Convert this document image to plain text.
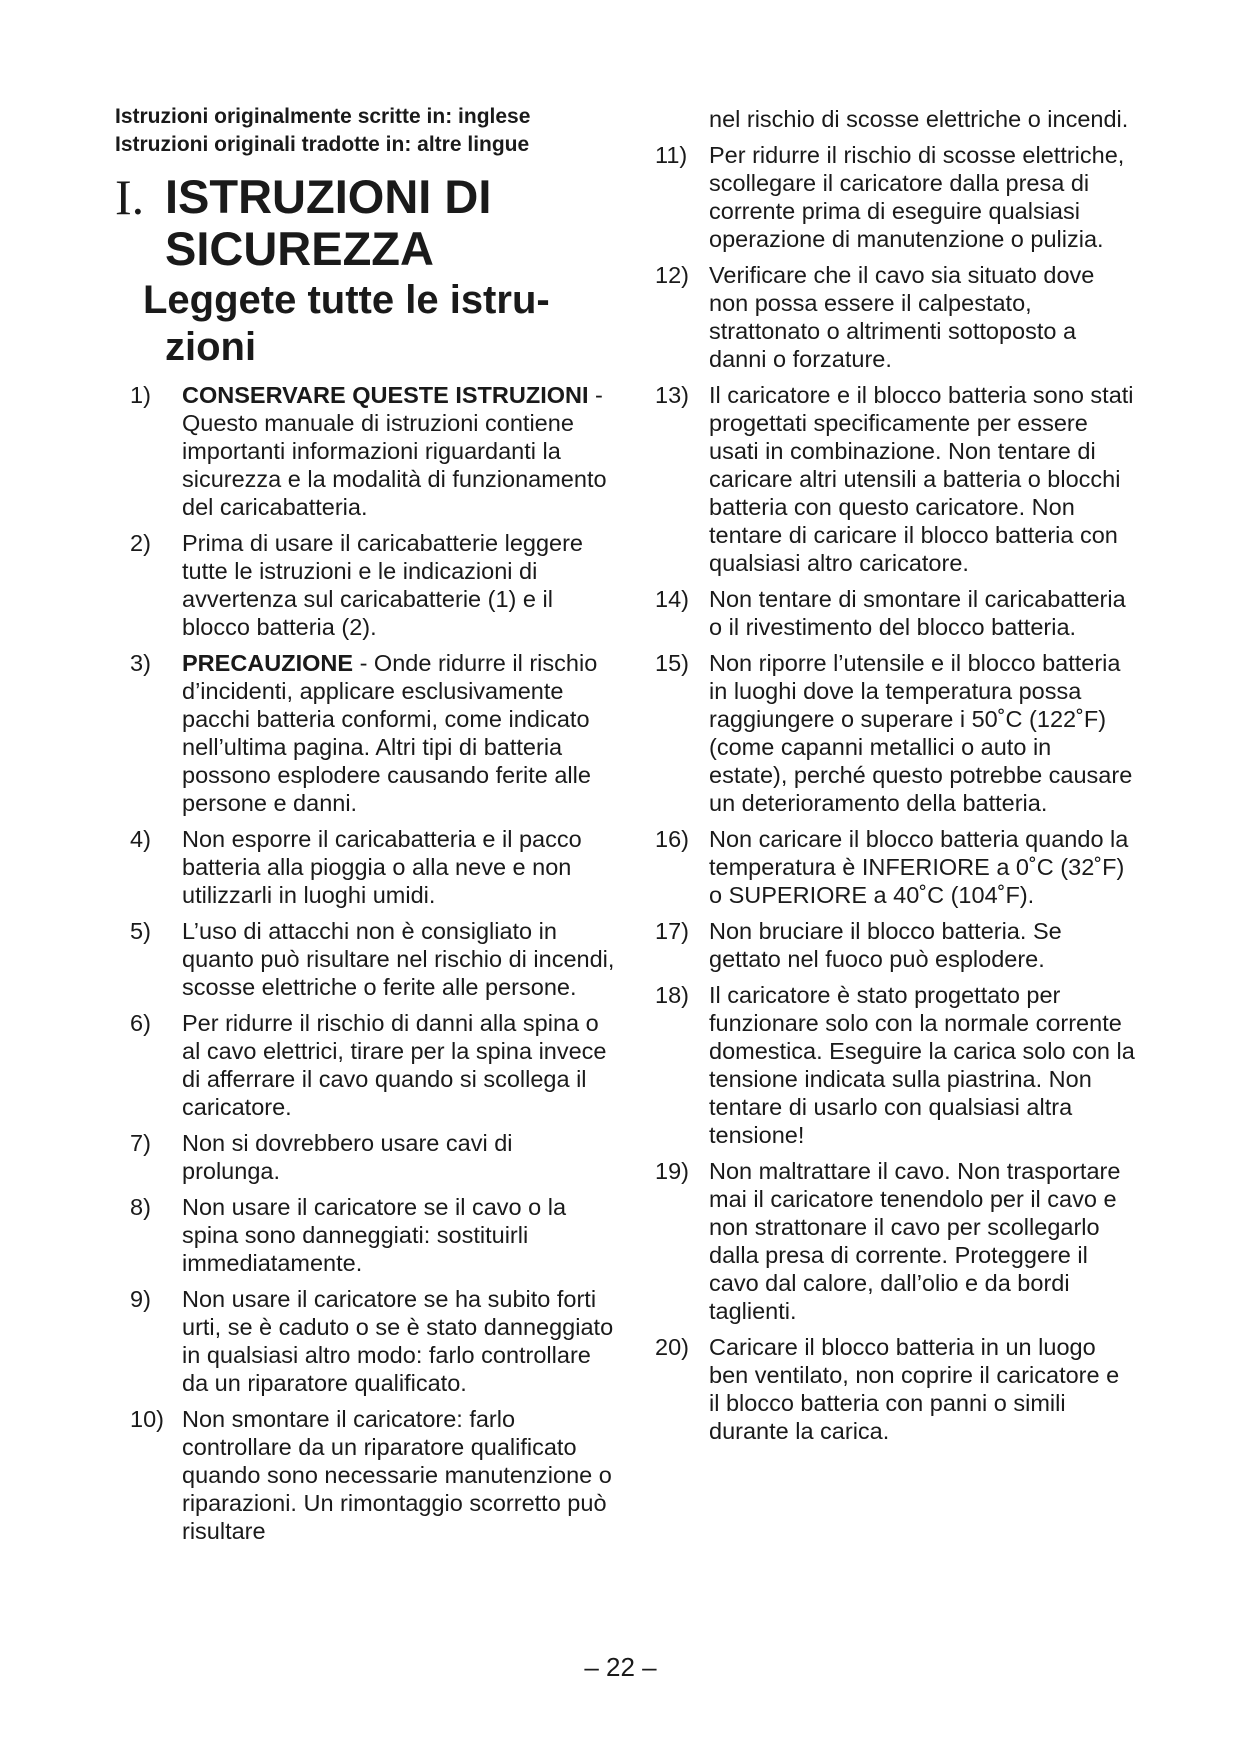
Istruzioni originalmente scritte in: inglese

Istruzioni originali tradotte in: altre lingue

I. ISTRUZIONI DI
SICUREZZA
Leggete tutte le istru-
zioni
1) CONSERVARE QUESTE ISTRUZIONI - Questo manuale di istruzioni contiene importanti informazioni riguardanti la sicurezza e la modalità di funzionamento del caricabatteria.
2) Prima di usare il caricabatterie leggere tutte le istruzioni e le indicazioni di avvertenza sul caricabatterie (1) e il blocco batteria (2).
3) PRECAUZIONE - Onde ridurre il rischio d’incidenti, applicare esclusivamente pacchi batteria conformi, come indicato nell’ultima pagina. Altri tipi di batteria possono esplodere causando ferite alle persone e danni.
4) Non esporre il caricabatteria e il pacco batteria alla pioggia o alla neve e non utilizzarli in luoghi umidi.
5) L’uso di attacchi non è consigliato in quanto può risultare nel rischio di incendi, scosse elettriche o ferite alle persone.
6) Per ridurre il rischio di danni alla spina o al cavo elettrici, tirare per la spina invece di afferrare il cavo quando si scollega il caricatore.
7) Non si dovrebbero usare cavi di prolunga.
8) Non usare il caricatore se il cavo o la spina sono danneggiati: sostituirli immediatamente.
9) Non usare il caricatore se ha subito forti urti, se è caduto o se è stato danneggiato in qualsiasi altro modo: farlo controllare da un riparatore qualificato.
10) Non smontare il caricatore: farlo controllare da un riparatore qualificato quando sono necessarie manutenzione o riparazioni. Un rimontaggio scorretto può risultare
nel rischio di scosse elettriche o incendi.
11) Per ridurre il rischio di scosse elettriche, scollegare il caricatore dalla presa di corrente prima di eseguire qualsiasi operazione di manutenzione o pulizia.
12) Verificare che il cavo sia situato dove non possa essere il calpestato, strattonato o altrimenti sottoposto a danni o forzature.
13) Il caricatore e il blocco batteria sono stati progettati specificamente per essere usati in combinazione. Non tentare di caricare altri utensili a batteria o blocchi batteria con questo caricatore. Non tentare di caricare il blocco batteria con qualsiasi altro caricatore.
14) Non tentare di smontare il caricabatteria o il rivestimento del blocco batteria.
15) Non riporre l’utensile e il blocco batteria in luoghi dove la temperatura possa raggiungere o superare i 50˚C (122˚F) (come capanni metallici o auto in estate), perché questo potrebbe causare un deterioramento della batteria.
16) Non caricare il blocco batteria quando la temperatura è INFERIORE a 0˚C (32˚F) o SUPERIORE a 40˚C (104˚F).
17) Non bruciare il blocco batteria. Se gettato nel fuoco può esplodere.
18) Il caricatore è stato progettato per funzionare solo con la normale corrente domestica. Eseguire la carica solo con la tensione indicata sulla piastrina. Non tentare di usarlo con qualsiasi altra tensione!
19) Non maltrattare il cavo. Non trasportare mai il caricatore tenendolo per il cavo e non strattonare il cavo per scollegarlo dalla presa di corrente. Proteggere il cavo dal calore, dall’olio e da bordi taglienti.
20) Caricare il blocco batteria in un luogo ben ventilato, non coprire il caricatore e il blocco batteria con panni o simili durante la carica.
– 22 –
